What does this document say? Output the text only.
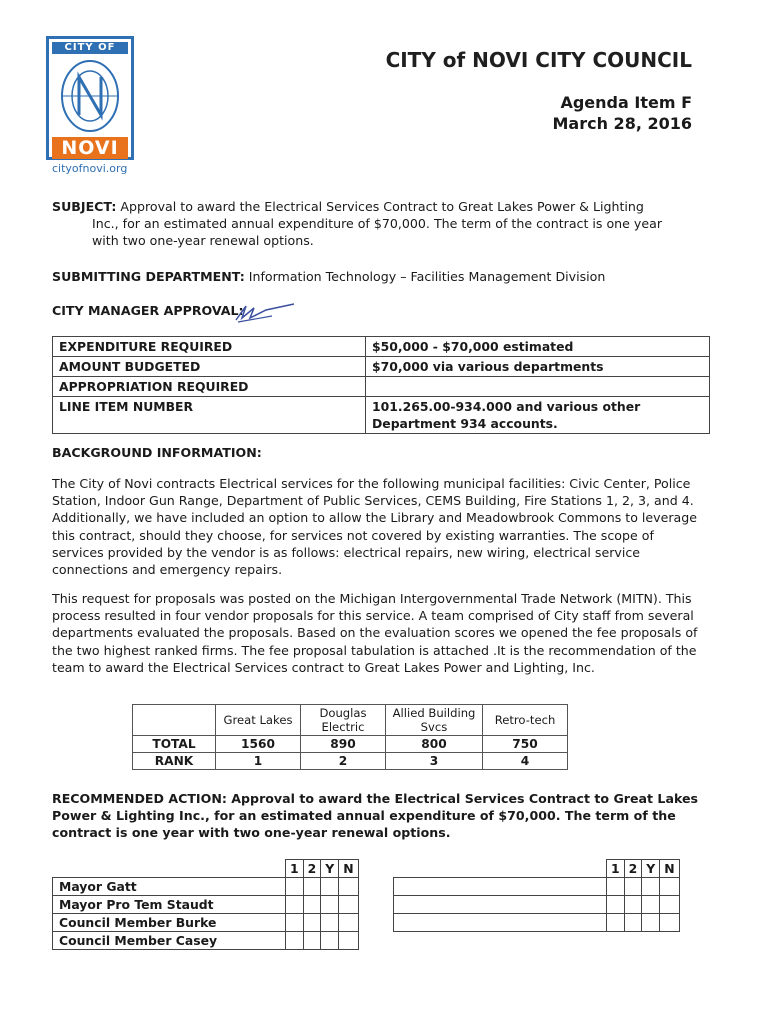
CITY OF
NOVI
cityofnovi.org
CITY of NOVI CITY COUNCIL
Agenda Item F
March 28, 2016
SUBJECT: Approval to award the Electrical Services Contract to Great Lakes Power & Lighting
Inc., for an estimated annual expenditure of $70,000. The term of the contract is one year
with two one-year renewal options.
SUBMITTING DEPARTMENT: Information Technology – Facilities Management Division
CITY MANAGER APPROVAL:
EXPENDITURE REQUIRED	$50,000 - $70,000 estimated
AMOUNT BUDGETED	$70,000 via various departments
APPROPRIATION REQUIRED	
LINE ITEM NUMBER	101.265.00-934.000 and various other Department 934 accounts.
BACKGROUND INFORMATION:
The City of Novi contracts Electrical services for the following municipal facilities: Civic Center, Police Station, Indoor Gun Range, Department of Public Services, CEMS Building, Fire Stations 1, 2, 3, and 4. Additionally, we have included an option to allow the Library and Meadowbrook Commons to leverage this contract, should they choose, for services not covered by existing warranties. The scope of services provided by the vendor is as follows: electrical repairs, new wiring, electrical service connections and emergency repairs.
This request for proposals was posted on the Michigan Intergovernmental Trade Network (MITN). This process resulted in four vendor proposals for this service. A team comprised of City staff from several departments evaluated the proposals. Based on the evaluation scores we opened the fee proposals of the two highest ranked firms. The fee proposal tabulation is attached .It is the recommendation of the team to award the Electrical Services contract to Great Lakes Power and Lighting, Inc.
	Great Lakes	Douglas Electric	Allied Building Svcs	Retro-tech
TOTAL	1560	890	800	750
RANK	1	2	3	4
RECOMMENDED ACTION: Approval to award the Electrical Services Contract to Great Lakes Power & Lighting Inc., for an estimated annual expenditure of $70,000. The term of the contract is one year with two one-year renewal options.
	1	2	Y	N
Mayor Gatt				
Mayor Pro Tem Staudt				
Council Member Burke				
Council Member Casey				
	1	2	Y	N
